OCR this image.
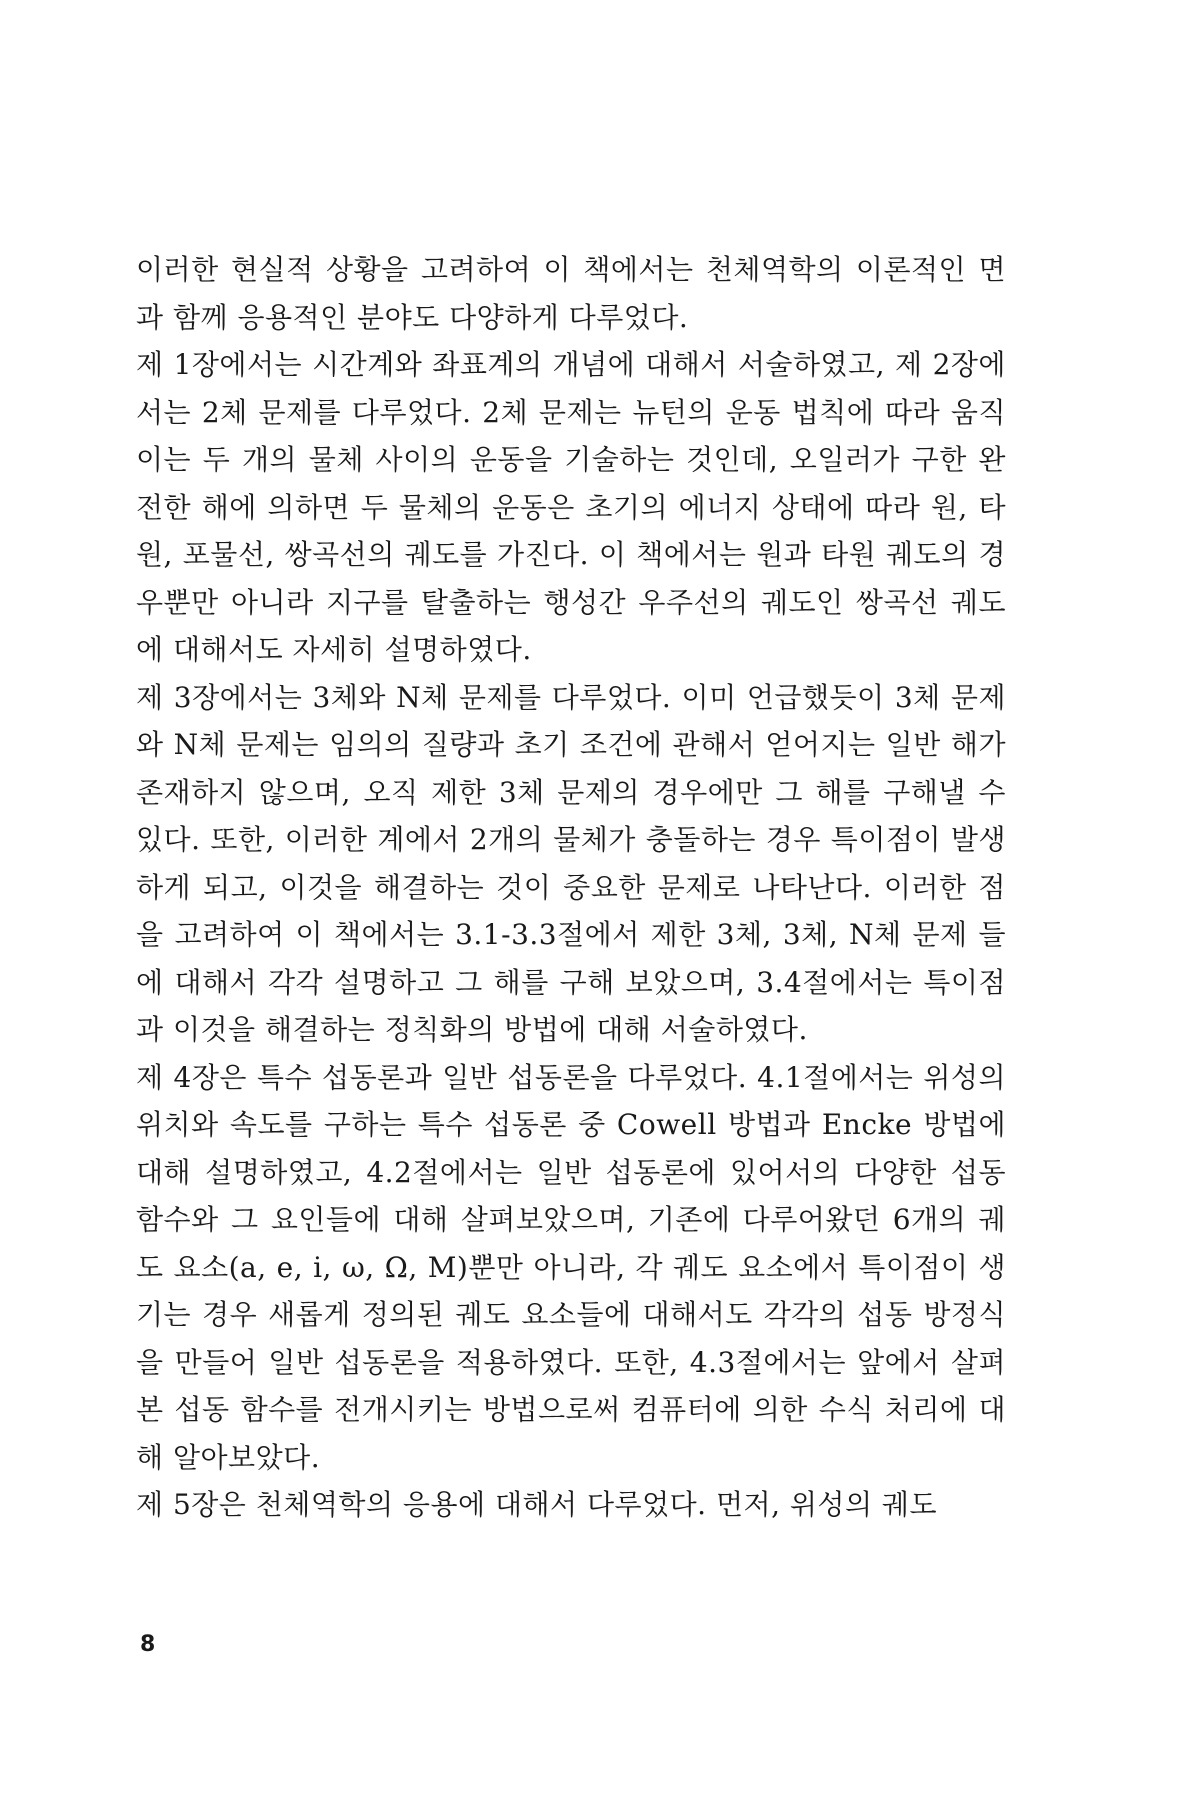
이러한 현실적 상황을 고려하여 이 책에서는 천체역학의 이론적인 면과 함께 응용적인 분야도 다양하게 다루었다.

제 1장에서는 시간계와 좌표계의 개념에 대해서 서술하였고, 제 2장에서는 2체 문제를 다루었다. 2체 문제는 뉴턴의 운동 법칙에 따라 움직이는 두 개의 물체 사이의 운동을 기술하는 것인데, 오일러가 구한 완전한 해에 의하면 두 물체의 운동은 초기의 에너지 상태에 따라 원, 타원, 포물선, 쌍곡선의 궤도를 가진다. 이 책에서는 원과 타원 궤도의 경우뿐만 아니라 지구를 탈출하는 행성간 우주선의 궤도인 쌍곡선 궤도에 대해서도 자세히 설명하였다.

제 3장에서는 3체와 N체 문제를 다루었다. 이미 언급했듯이 3체 문제와 N체 문제는 임의의 질량과 초기 조건에 관해서 얻어지는 일반 해가 존재하지 않으며, 오직 제한 3체 문제의 경우에만 그 해를 구해낼 수 있다. 또한, 이러한 계에서 2개의 물체가 충돌하는 경우 특이점이 발생하게 되고, 이것을 해결하는 것이 중요한 문제로 나타난다. 이러한 점을 고려하여 이 책에서는 3.1-3.3절에서 제한 3체, 3체, N체 문제 들에 대해서 각각 설명하고 그 해를 구해 보았으며, 3.4절에서는 특이점과 이것을 해결하는 정칙화의 방법에 대해 서술하였다.

제 4장은 특수 섭동론과 일반 섭동론을 다루었다. 4.1절에서는 위성의 위치와 속도를 구하는 특수 섭동론 중 Cowell 방법과 Encke 방법에 대해 설명하였고, 4.2절에서는 일반 섭동론에 있어서의 다양한 섭동 함수와 그 요인들에 대해 살펴보았으며, 기존에 다루어왔던 6개의 궤도 요소(a, e, i, ω, Ω, M)뿐만 아니라, 각 궤도 요소에서 특이점이 생기는 경우 새롭게 정의된 궤도 요소들에 대해서도 각각의 섭동 방정식을 만들어 일반 섭동론을 적용하였다. 또한, 4.3절에서는 앞에서 살펴본 섭동 함수를 전개시키는 방법으로써 컴퓨터에 의한 수식 처리에 대해 알아보았다.

제 5장은 천체역학의 응용에 대해서 다루었다. 먼저, 위성의 궤도

8
